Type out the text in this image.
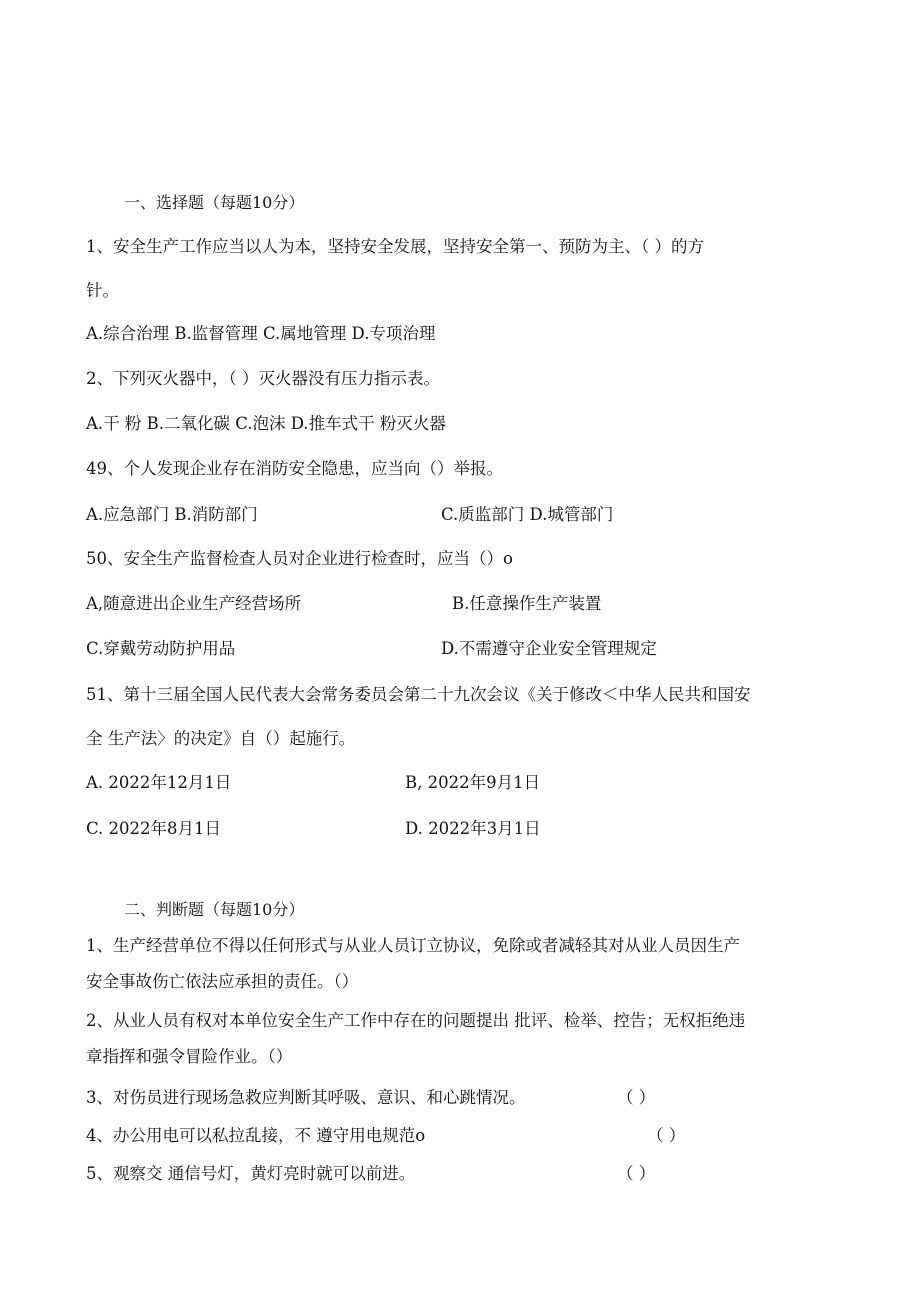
一、选择题（每题10分）
1、安全生产工作应当以人为本，坚持安全发展，坚持安全第一、预防为主、（ ）的方
针。
A.综合治理 B.监督管理 C.属地管理 D.专项治理
2、下列灭火器中，（ ）灭火器没有压力指示表。
A.干 粉 B.二氧化碳 C.泡沫 D.推车式干 粉灭火器
49、个人发现企业存在消防安全隐患，应当向（）举报。
A.应急部门 B.消防部门	C.质监部门 D.城管部门
50、安全生产监督检查人员对企业进行检查时，应当（）o
A,随意进出企业生产经营场所	B.任意操作生产装置
C.穿戴劳动防护用品	D.不需遵守企业安全管理规定
51、第十三届全国人民代表大会常务委员会第二十九次会议《关于修改＜中华人民共和国安
全 生产法〉的决定》自（）起施行。
A. 2022年12月1日	B, 2022年9月1日
C. 2022年8月1日	D. 2022年3月1日
二、判断题（每题10分）
1、生产经营单位不得以任何形式与从业人员订立协议，免除或者减轻其对从业人员因生产
安全事故伤亡依法应承担的责任。（）
2、从业人员有权对本单位安全生产工作中存在的问题提出 批评、检举、控告；无权拒绝违
章指挥和强令冒险作业。（）
3、对伤员进行现场急救应判断其呼吸、意识、和心跳情况。	（ ）
4、办公用电可以私拉乱接，不 遵守用电规范o	（ ）
5、观察交 通信号灯，黄灯亮时就可以前进。	（ ）
